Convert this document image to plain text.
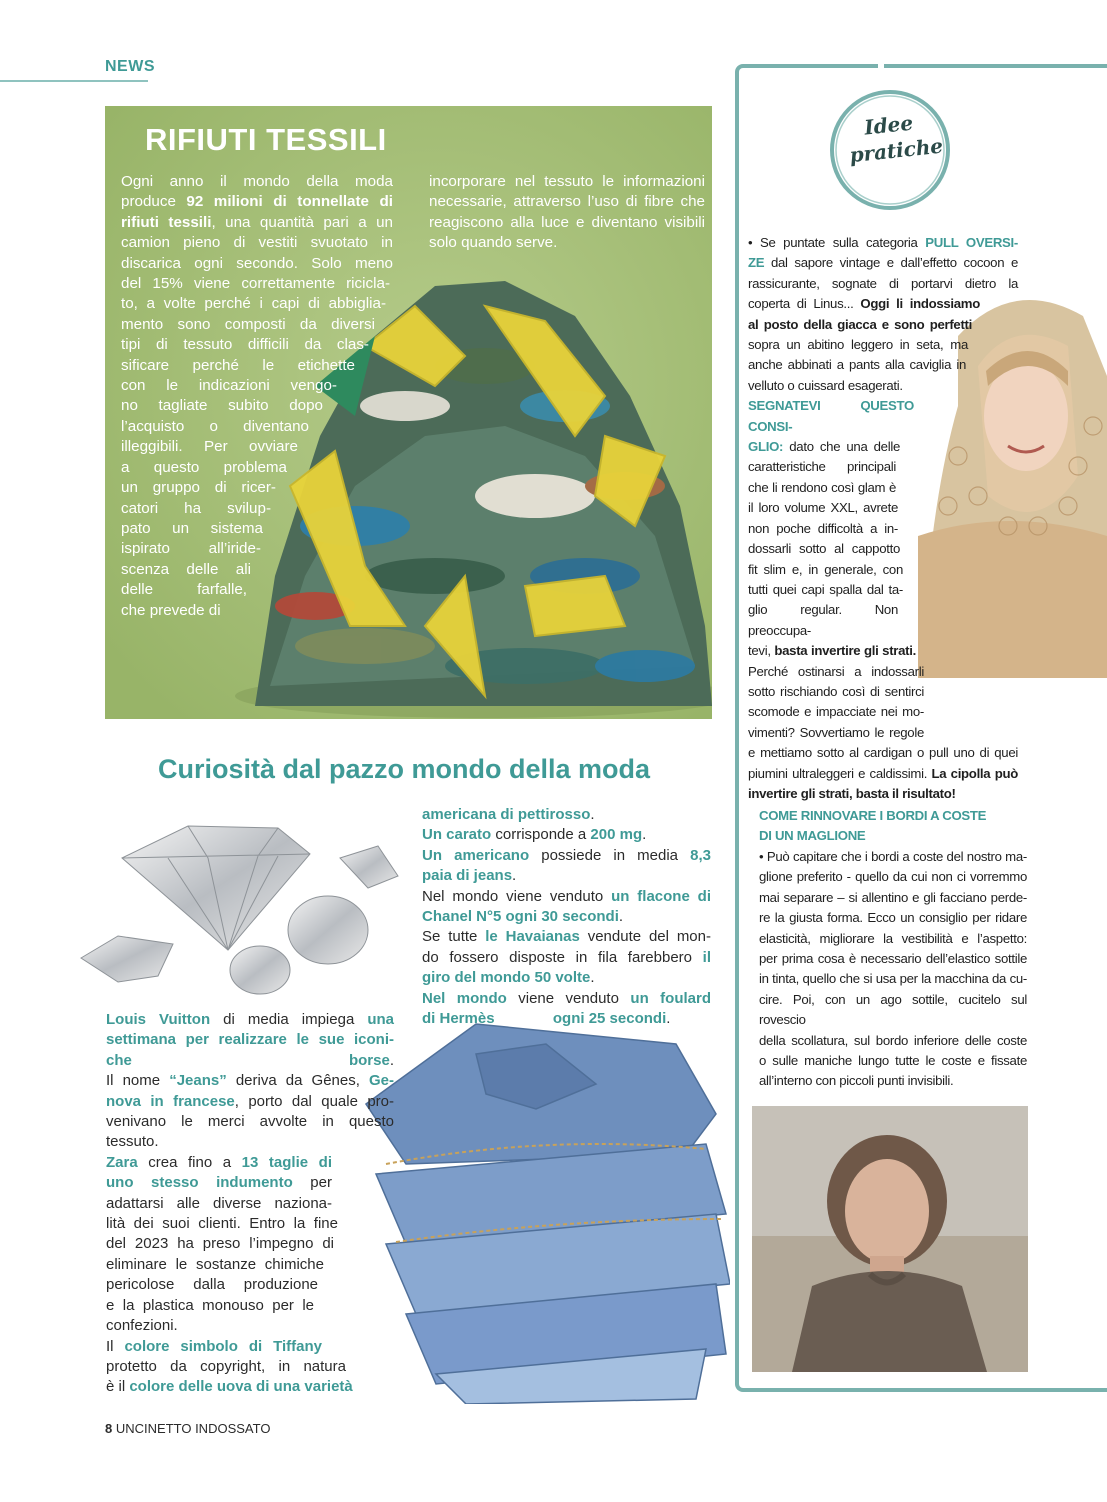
NEWS
RIFIUTI TESSILI
Ogni anno il mondo della moda
produce 92 milioni di tonnellate di
rifiuti tessili, una quantità pari a un
camion pieno di vestiti svuotato in
discarica ogni secondo. Solo meno
del 15% viene correttamente ricicla-
to, a volte perché i capi di abbiglia-
mento sono composti da diversi
tipi di tessuto difficili da clas-
sificare perché le etichette
con le indicazioni vengo-
no tagliate subito dopo
l’acquisto o diventano
illeggibili. Per ovviare
a questo problema
un gruppo di ricer-
catori ha svilup-
pato un sistema
ispirato all’iride-
scenza delle ali
delle farfalle,
che prevede di
incorporare nel tessuto le informazioni necessarie, attraverso l’uso di fibre che reagiscono alla luce e diventano visibili solo quando serve.
Curiosità dal pazzo mondo della moda
Louis Vuitton di media impiega una
settimana per realizzare le sue iconi-
che borse.
Il nome “Jeans” deriva da Gênes, Ge-
nova in francese, porto dal quale pro-
venivano le merci avvolte in questo
tessuto.
Zara crea fino a 13 taglie di
uno stesso indumento per
adattarsi alle diverse naziona-
lità dei suoi clienti. Entro la fine
del 2023 ha preso l’impegno di
eliminare le sostanze chimiche
pericolose dalla produzione
e la plastica monouso per le
confezioni.
Il colore simbolo di Tiffany
protetto da copyright, in natura
è il colore delle uova di una varietà
americana di pettirosso.
Un carato corrisponde a 200 mg.
Un americano possiede in media 8,3
paia di jeans.
Nel mondo viene venduto un flacone di
Chanel N°5 ogni 30 secondi.
Se tutte le Havaianas vendute del mon-
do fossero disposte in fila farebbero il
giro del mondo 50 volte.
Nel mondo viene venduto un foulard
di Hermès              ogni 25 secondi.
Idee
pratiche
• Se puntate sulla categoria PULL OVERSI-
ZE dal sapore vintage e dall’effetto cocoon e
rassicurante, sognate di portarvi dietro la
coperta di Linus... Oggi li indossiamo
al posto della giacca e sono perfetti
sopra un abitino leggero in seta, ma
anche abbinati a pants alla caviglia in
velluto o cuissard esagerati.
SEGNATEVI QUESTO CONSI-
GLIO: dato che una delle
caratteristiche principali
che li rendono così glam è
il loro volume XXL, avrete
non poche difficoltà a in-
dossarli sotto al cappotto
fit slim e, in generale, con
tutti quei capi spalla dal ta-
glio regular. Non preoccupa-
tevi, basta invertire gli strati.
Perché ostinarsi a indossarli
sotto rischiando così di sentirci
scomode e impacciate nei mo-
vimenti? Sovvertiamo le regole
e mettiamo sotto al cardigan o pull uno di quei
piumini ultraleggeri e caldissimi. La cipolla può
invertire gli strati, basta il risultato!
COME RINNOVARE I BORDI A COSTE
DI UN MAGLIONE
• Può capitare che i bordi a coste del nostro ma-
glione preferito - quello da cui non ci vorremmo
mai separare – si allentino e gli facciano perde-
re la giusta forma. Ecco un consiglio per ridare
elasticità, migliorare la vestibilità e l’aspetto:
per prima cosa è necessario dell’elastico sottile
in tinta, quello che si usa per la macchina da cu-
cire. Poi, con un ago sottile, cucitelo sul rovescio
della scollatura, sul bordo inferiore delle coste
o sulle maniche lungo tutte le coste e fissate
all’interno con piccoli punti invisibili.
8 UNCINETTO INDOSSATO
